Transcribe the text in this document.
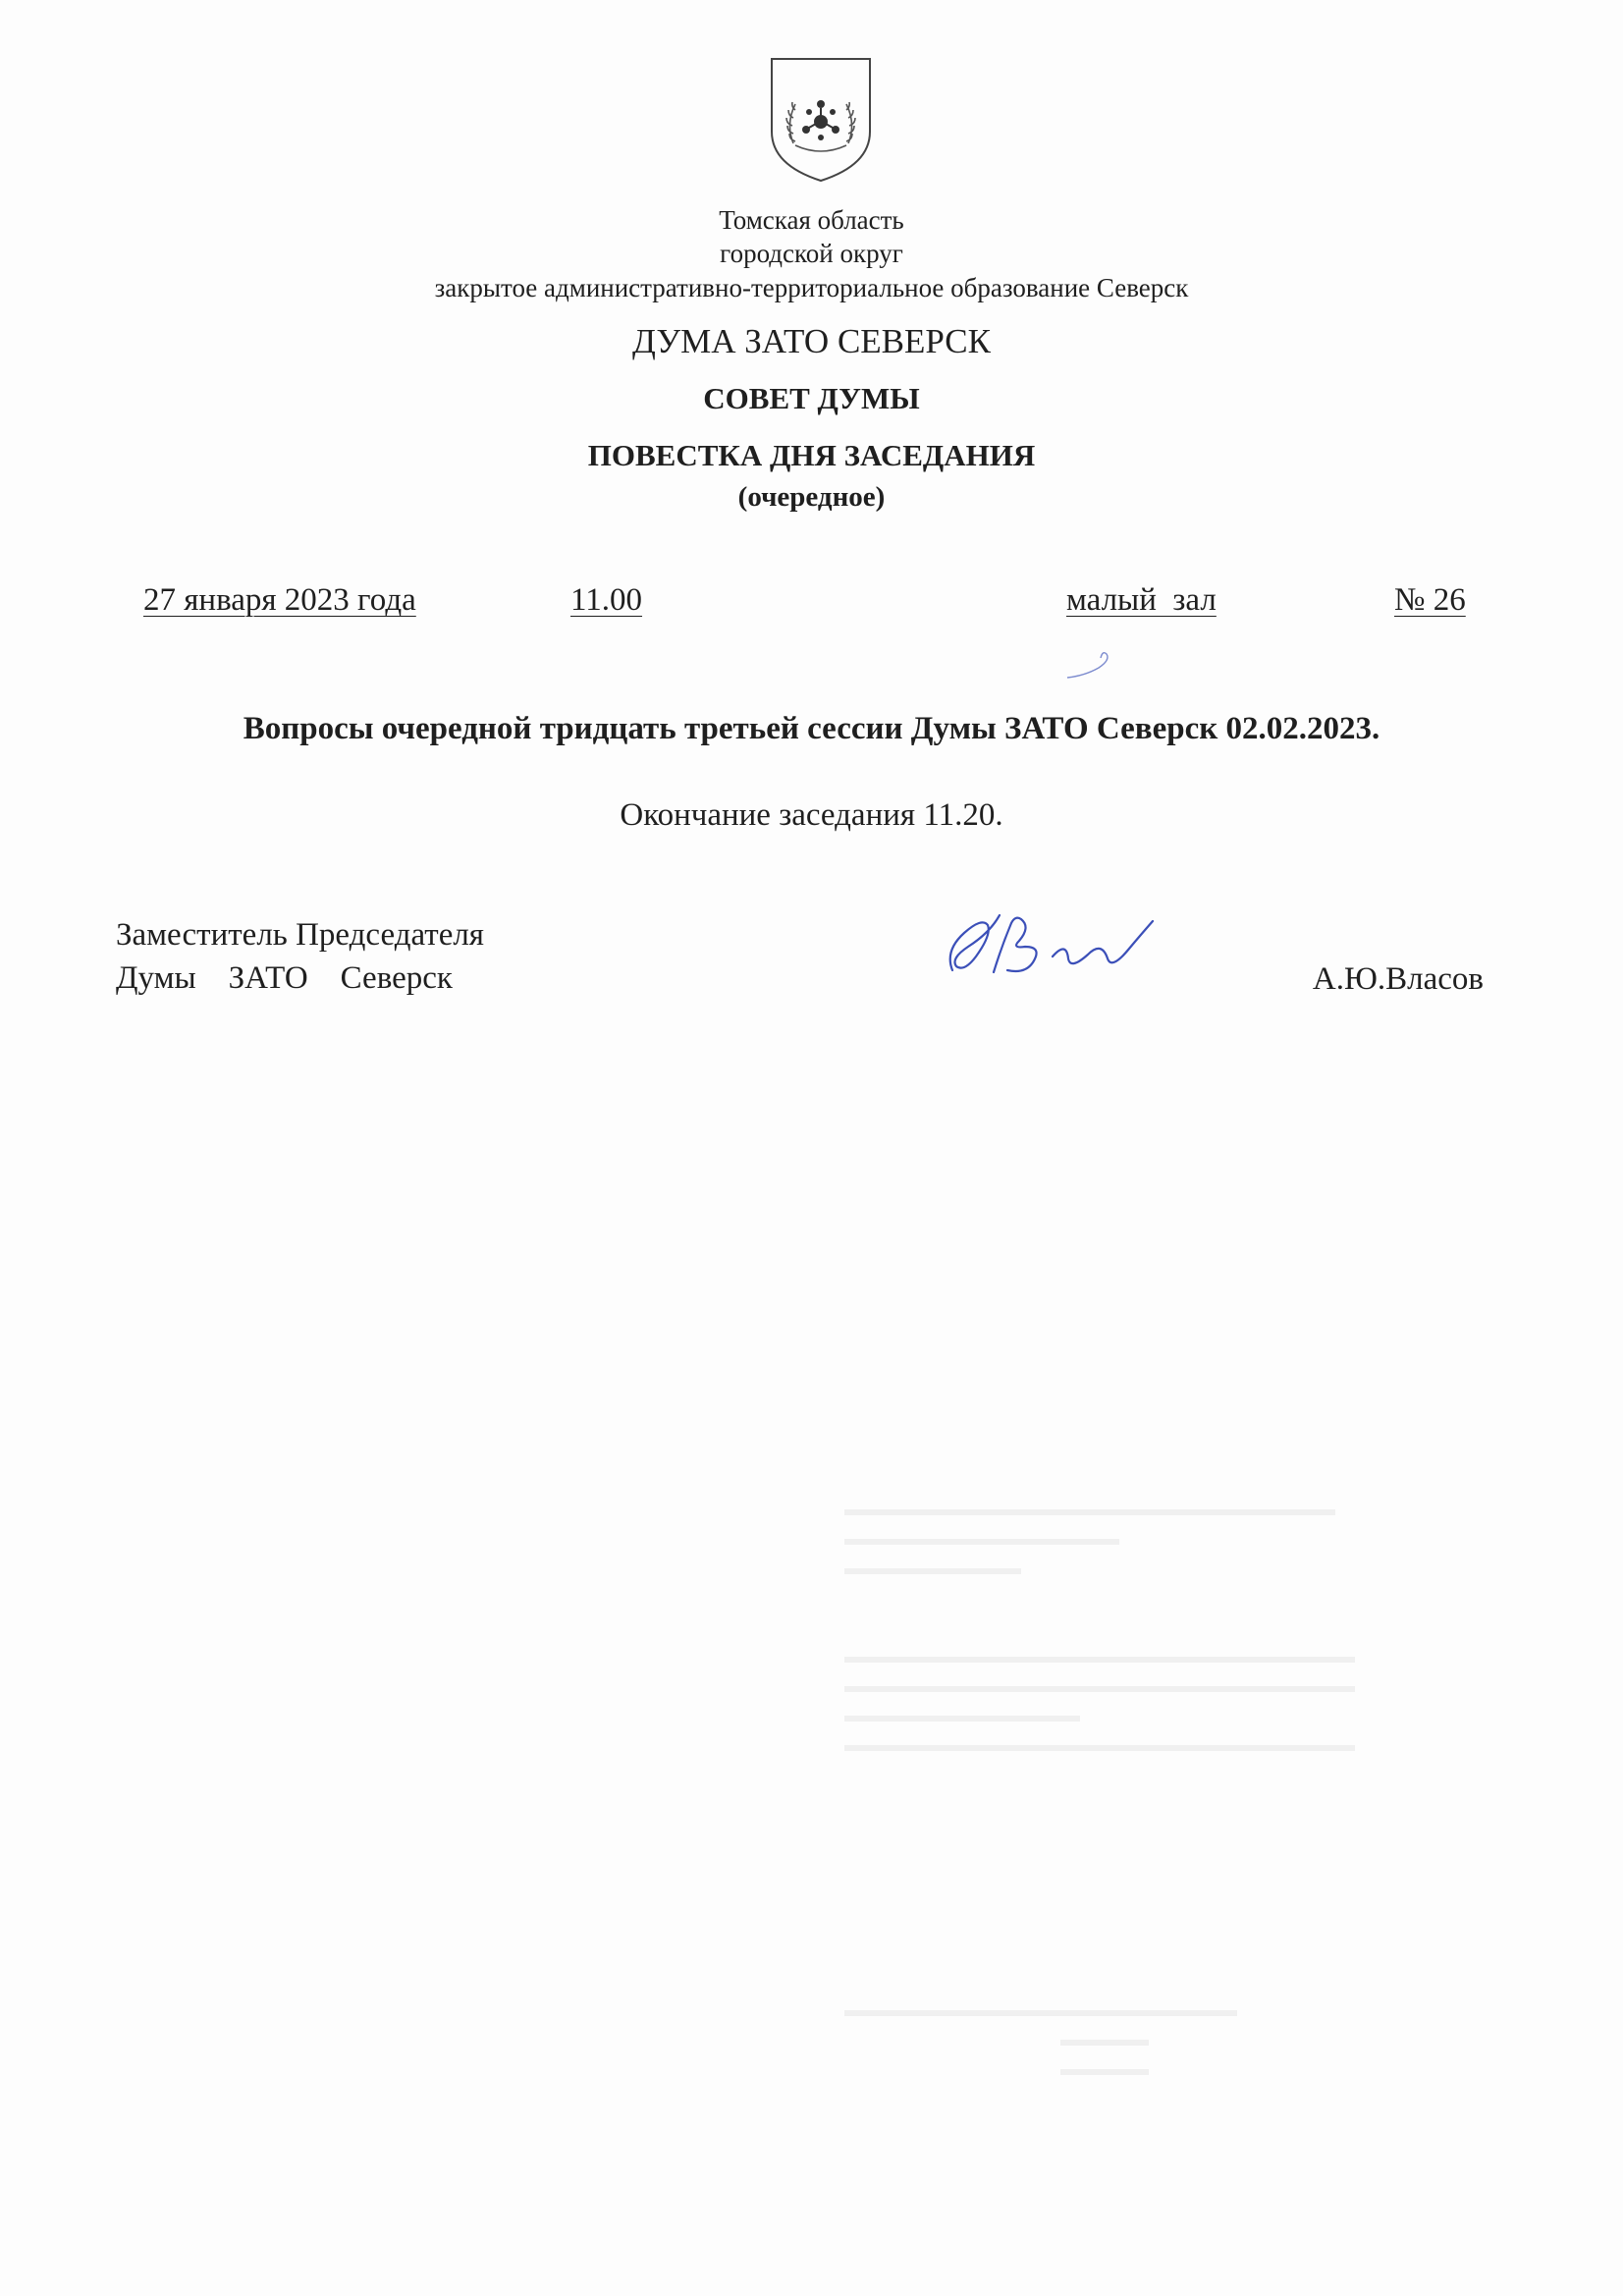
Томская область
городской округ
закрытое административно-территориальное образование Северск
ДУМА ЗАТО СЕВЕРСК
СОВЕТ ДУМЫ
ПОВЕСТКА ДНЯ ЗАСЕДАНИЯ
(очередное)
27 января 2023 года	11.00	малый  зал	№ 26
Вопросы очередной тридцать третьей сессии Думы ЗАТО Северск 02.02.2023.
Окончание заседания 11.20.
Заместитель Председателя
Думы    ЗАТО    Северск	А.Ю.Власов
